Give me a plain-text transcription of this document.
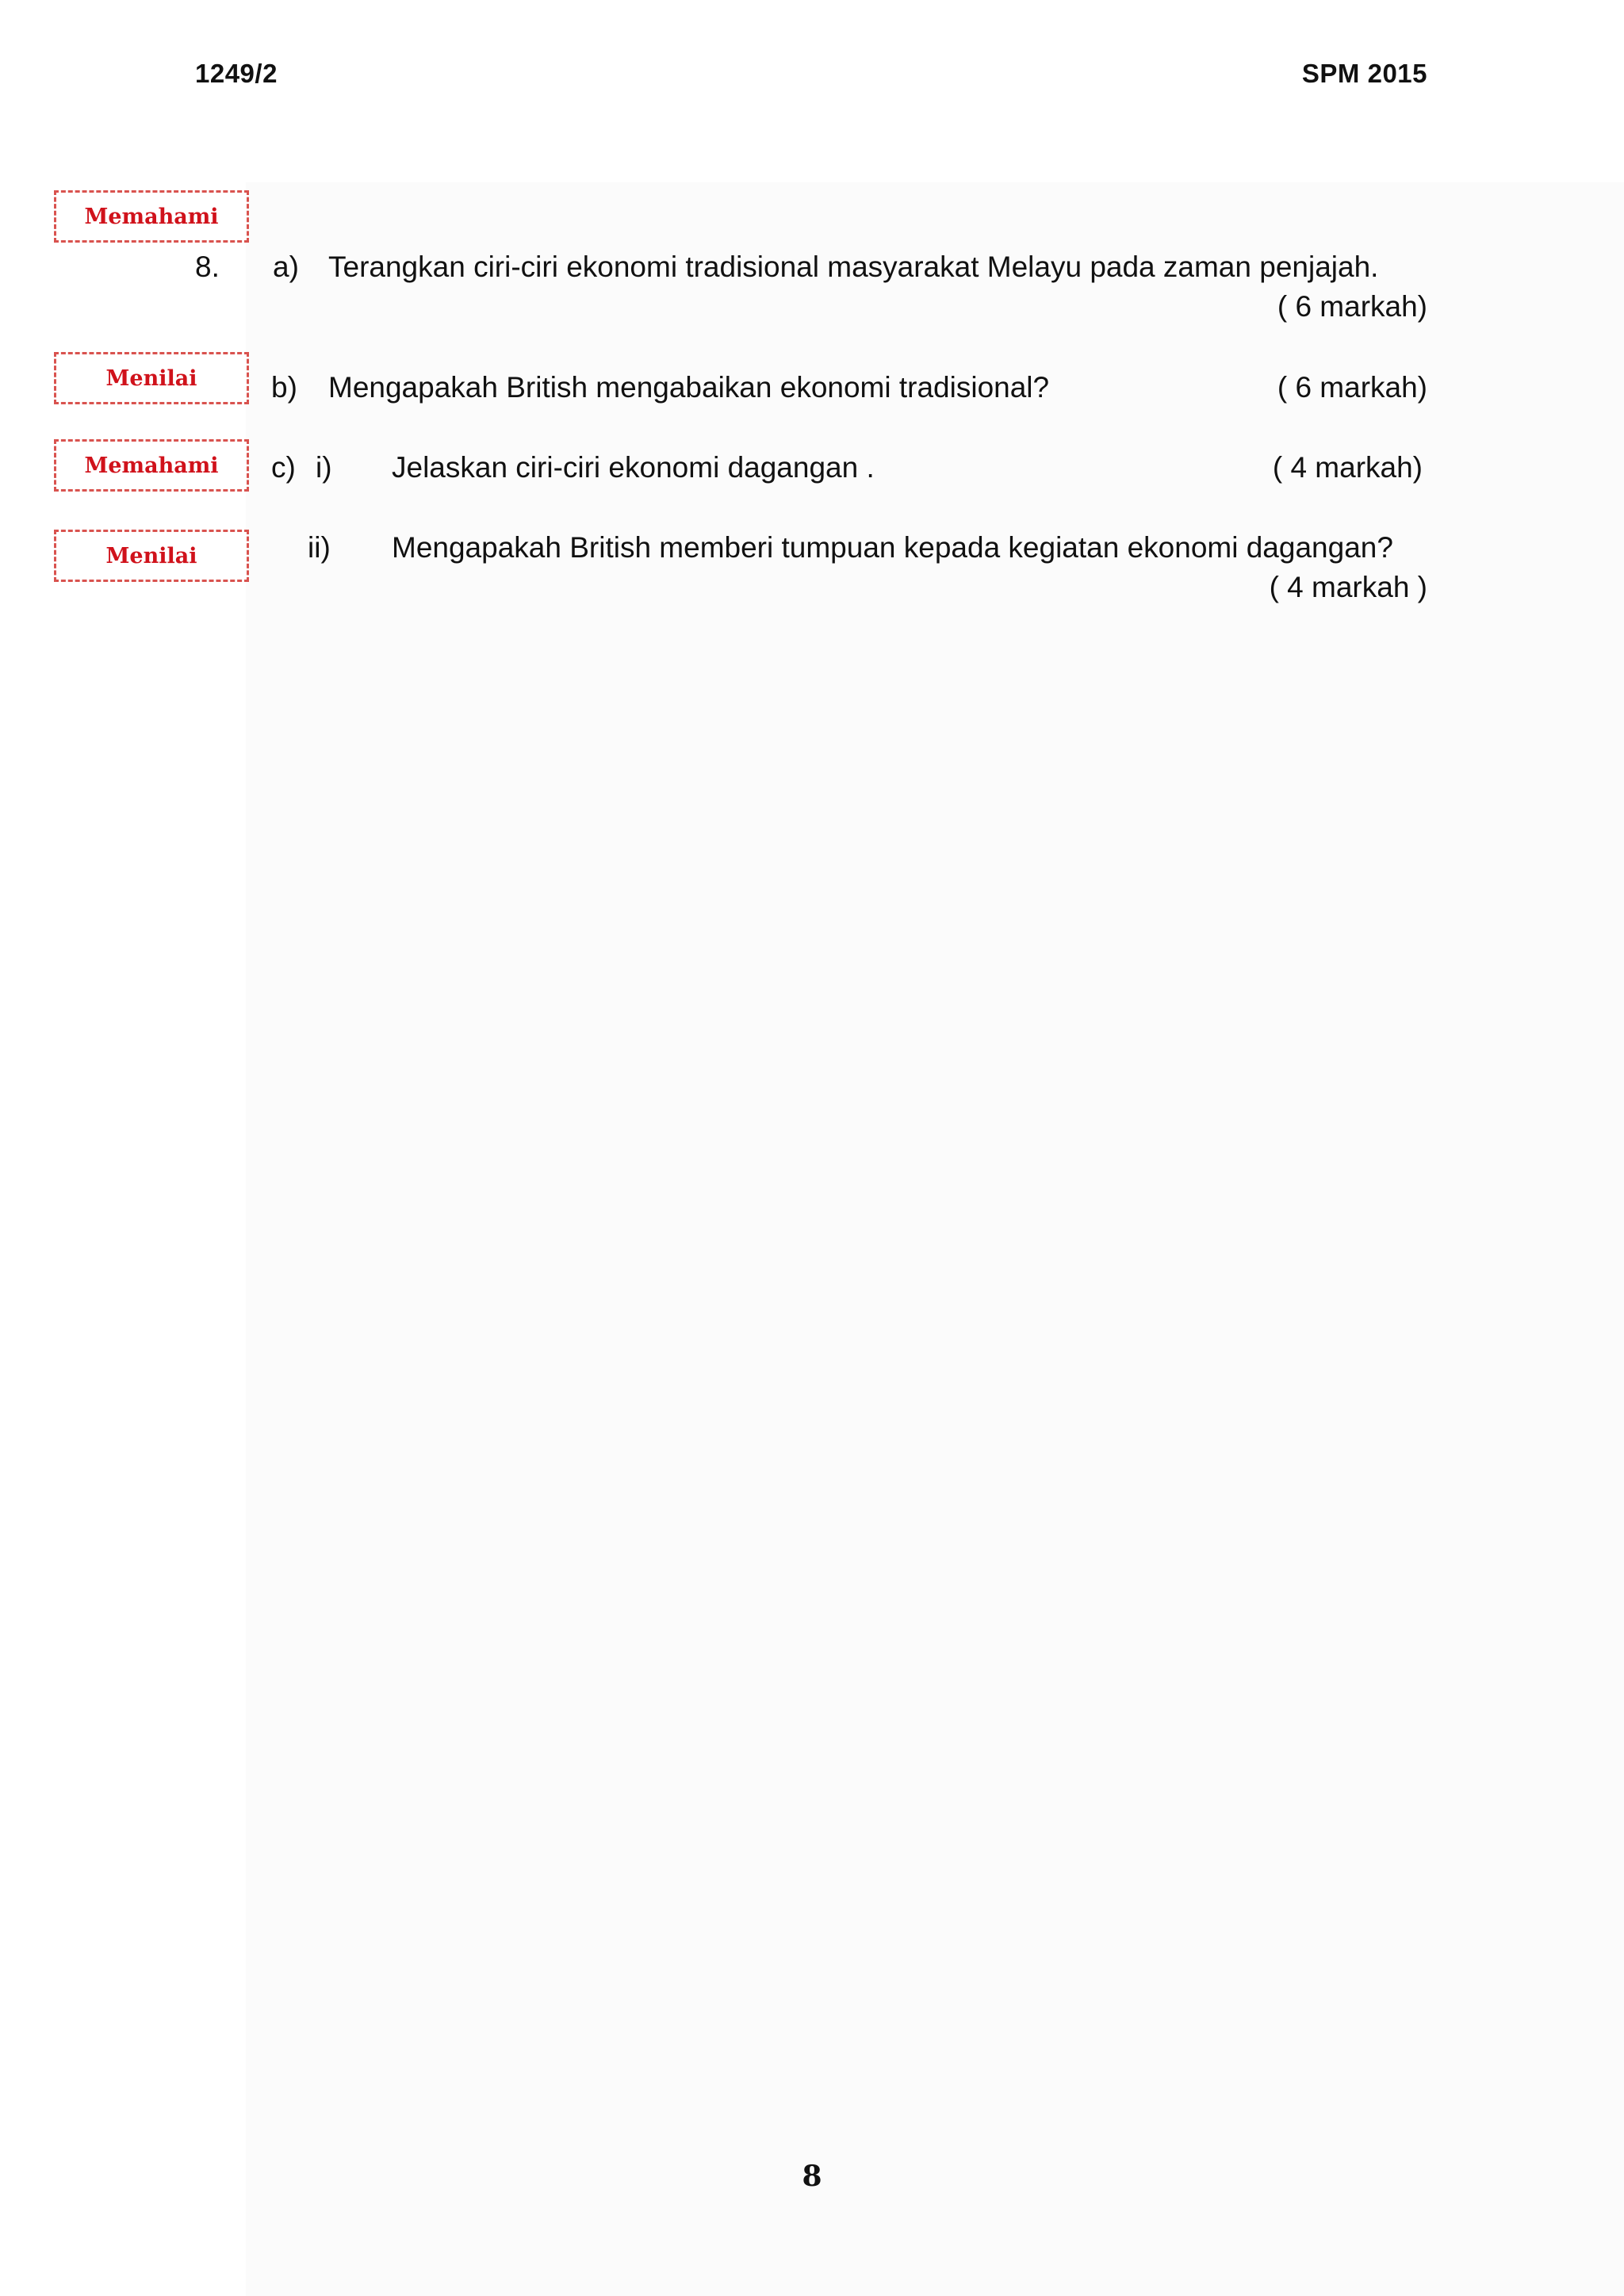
1249/2	SPM 2015
Memahami
8. a) Terangkan ciri-ciri ekonomi tradisional masyarakat Melayu pada zaman penjajah.
( 6 markah)
Menilai	b) Mengapakah British mengabaikan ekonomi tradisional?	( 6 markah)
Memahami	c) i) Jelaskan ciri-ciri ekonomi dagangan .	( 4 markah)
Menilai	ii) Mengapakah British memberi tumpuan kepada kegiatan ekonomi dagangan?
( 4 markah )
8
